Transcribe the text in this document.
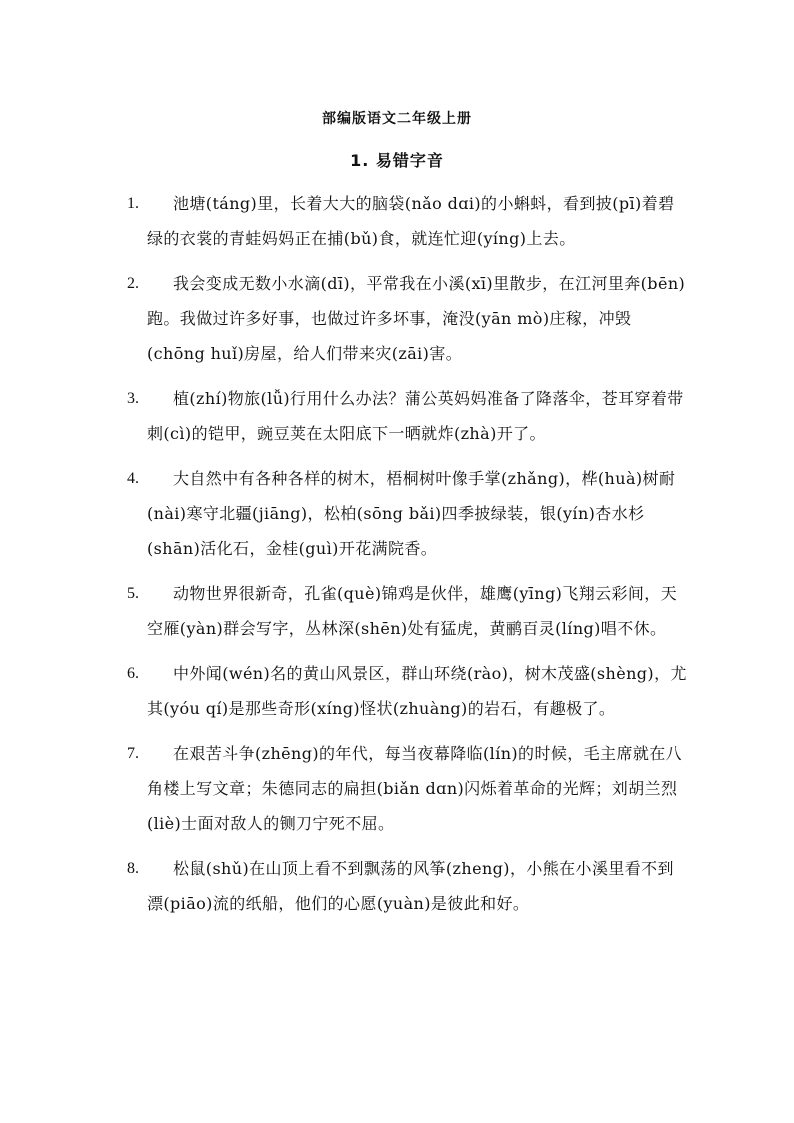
部编版语文二年级上册
1. 易错字音
1.	池塘(táng)里，长着大大的脑袋(nǎo dɑi)的小蝌蚪，看到披(pī)着碧绿的衣裳的青蛙妈妈正在捕(bǔ)食，就连忙迎(yíng)上去。
2.	我会变成无数小水滴(dī)，平常我在小溪(xī)里散步，在江河里奔(bēn)跑。我做过许多好事，也做过许多坏事，淹没(yān mò)庄稼，冲毁(chōng huǐ)房屋，给人们带来灾(zāi)害。
3.	植(zhí)物旅(lǚ)行用什么办法？蒲公英妈妈准备了降落伞，苍耳穿着带刺(cì)的铠甲，豌豆荚在太阳底下一晒就炸(zhà)开了。
4.	大自然中有各种各样的树木，梧桐树叶像手掌(zhǎng)，桦(huà)树耐(nài)寒守北疆(jiāng)，松柏(sōng bǎi)四季披绿装，银(yín)杏水杉(shān)活化石，金桂(guì)开花满院香。
5.	动物世界很新奇，孔雀(què)锦鸡是伙伴，雄鹰(yīng)飞翔云彩间，天空雁(yàn)群会写字，丛林深(shēn)处有猛虎，黄鹂百灵(líng)唱不休。
6.	中外闻(wén)名的黄山风景区，群山环绕(rào)，树木茂盛(shèng)，尤其(yóu qí)是那些奇形(xíng)怪状(zhuàng)的岩石，有趣极了。
7.	在艰苦斗争(zhēng)的年代，每当夜幕降临(lín)的时候，毛主席就在八角楼上写文章；朱德同志的扁担(biǎn dɑn)闪烁着革命的光辉；刘胡兰烈(liè)士面对敌人的铡刀宁死不屈。
8.	松鼠(shǔ)在山顶上看不到飘荡的风筝(zheng)，小熊在小溪里看不到漂(piāo)流的纸船，他们的心愿(yuàn)是彼此和好。
